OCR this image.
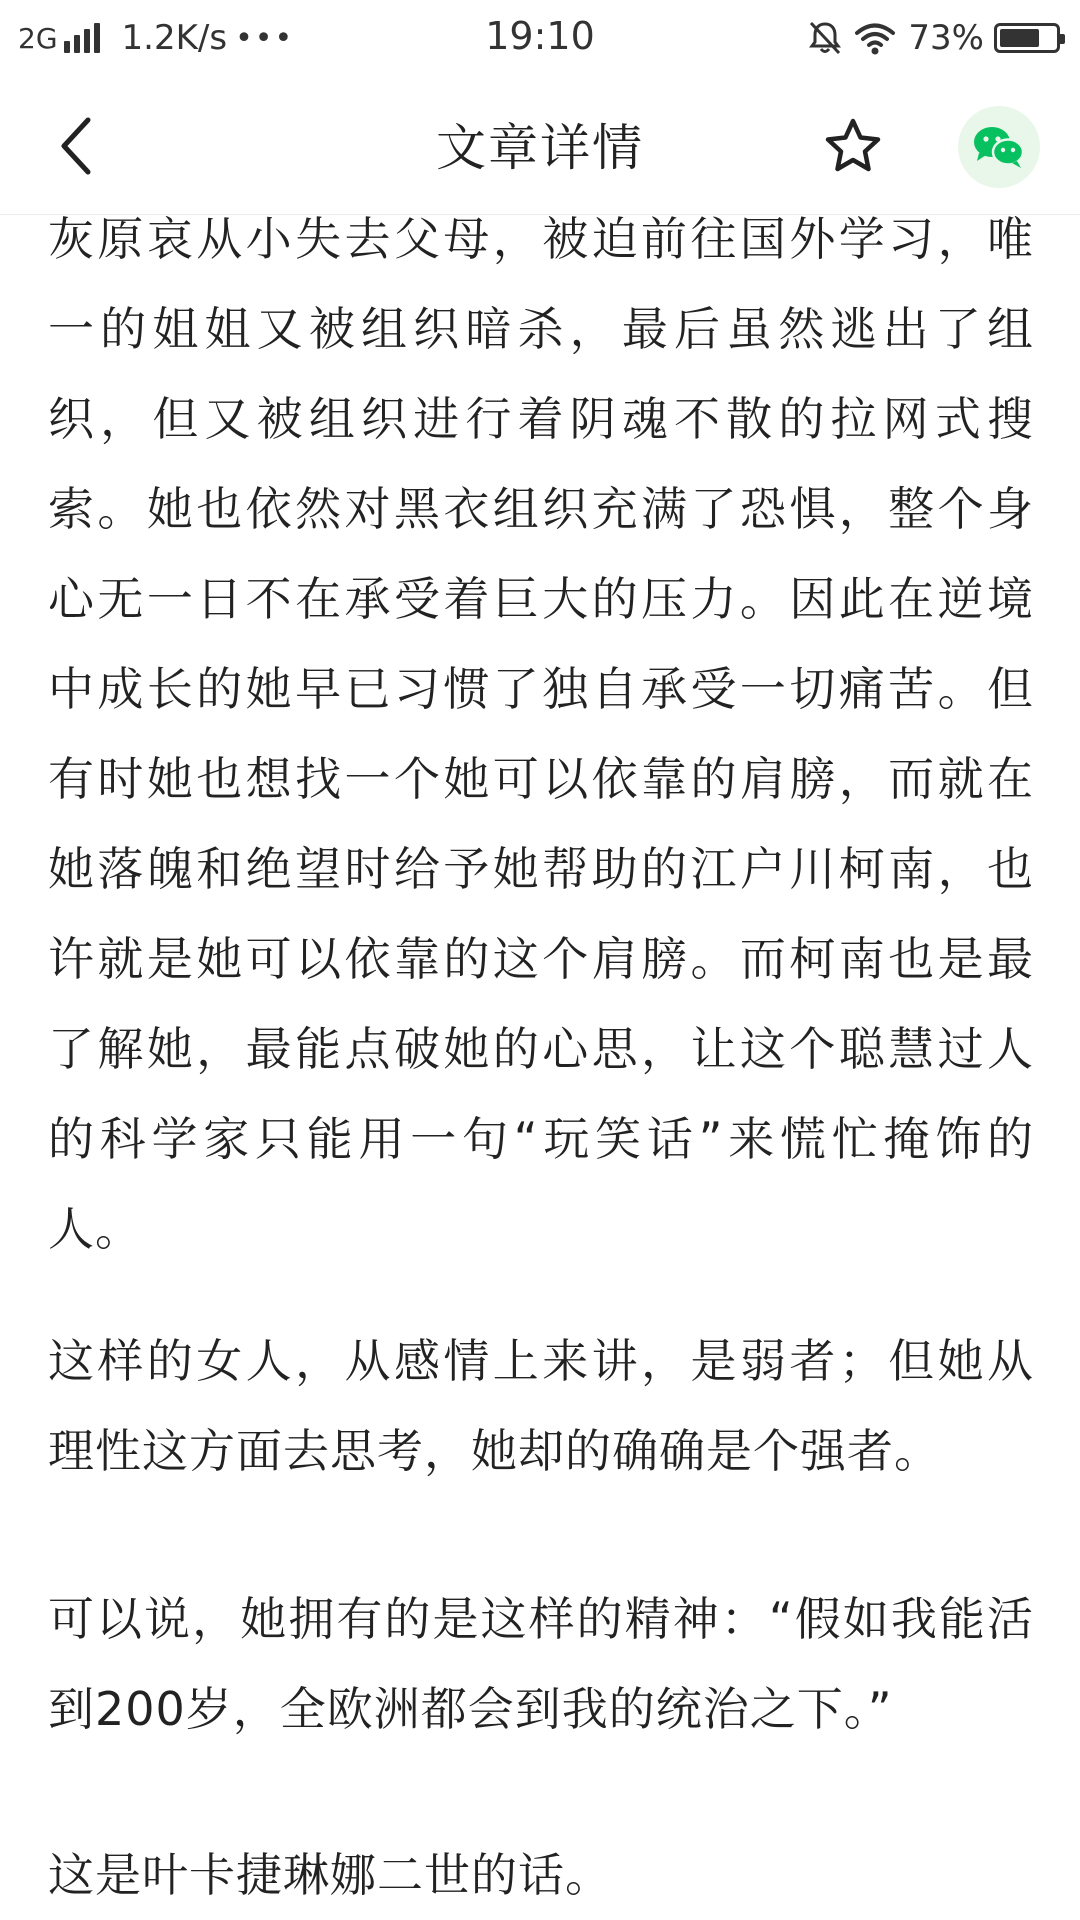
2G 1.2K/s •••	19:10	73%
文章详情

灰原哀从小失去父母，被迫前往国外学习，唯一的姐姐又被组织暗杀，最后虽然逃出了组织，但又被组织进行着阴魂不散的拉网式搜索。她也依然对黑衣组织充满了恐惧，整个身心无一日不在承受着巨大的压力。因此在逆境中成长的她早已习惯了独自承受一切痛苦。但有时她也想找一个她可以依靠的肩膀，而就在她落魄和绝望时给予她帮助的江户川柯南，也许就是她可以依靠的这个肩膀。而柯南也是最了解她，最能点破她的心思，让这个聪慧过人的科学家只能用一句“玩笑话”来慌忙掩饰的人。

这样的女人，从感情上来讲，是弱者；但她从理性这方面去思考，她却的确确是个强者。

可以说，她拥有的是这样的精神：“假如我能活到200岁，全欧洲都会到我的统治之下。”

这是叶卡捷琳娜二世的话。
